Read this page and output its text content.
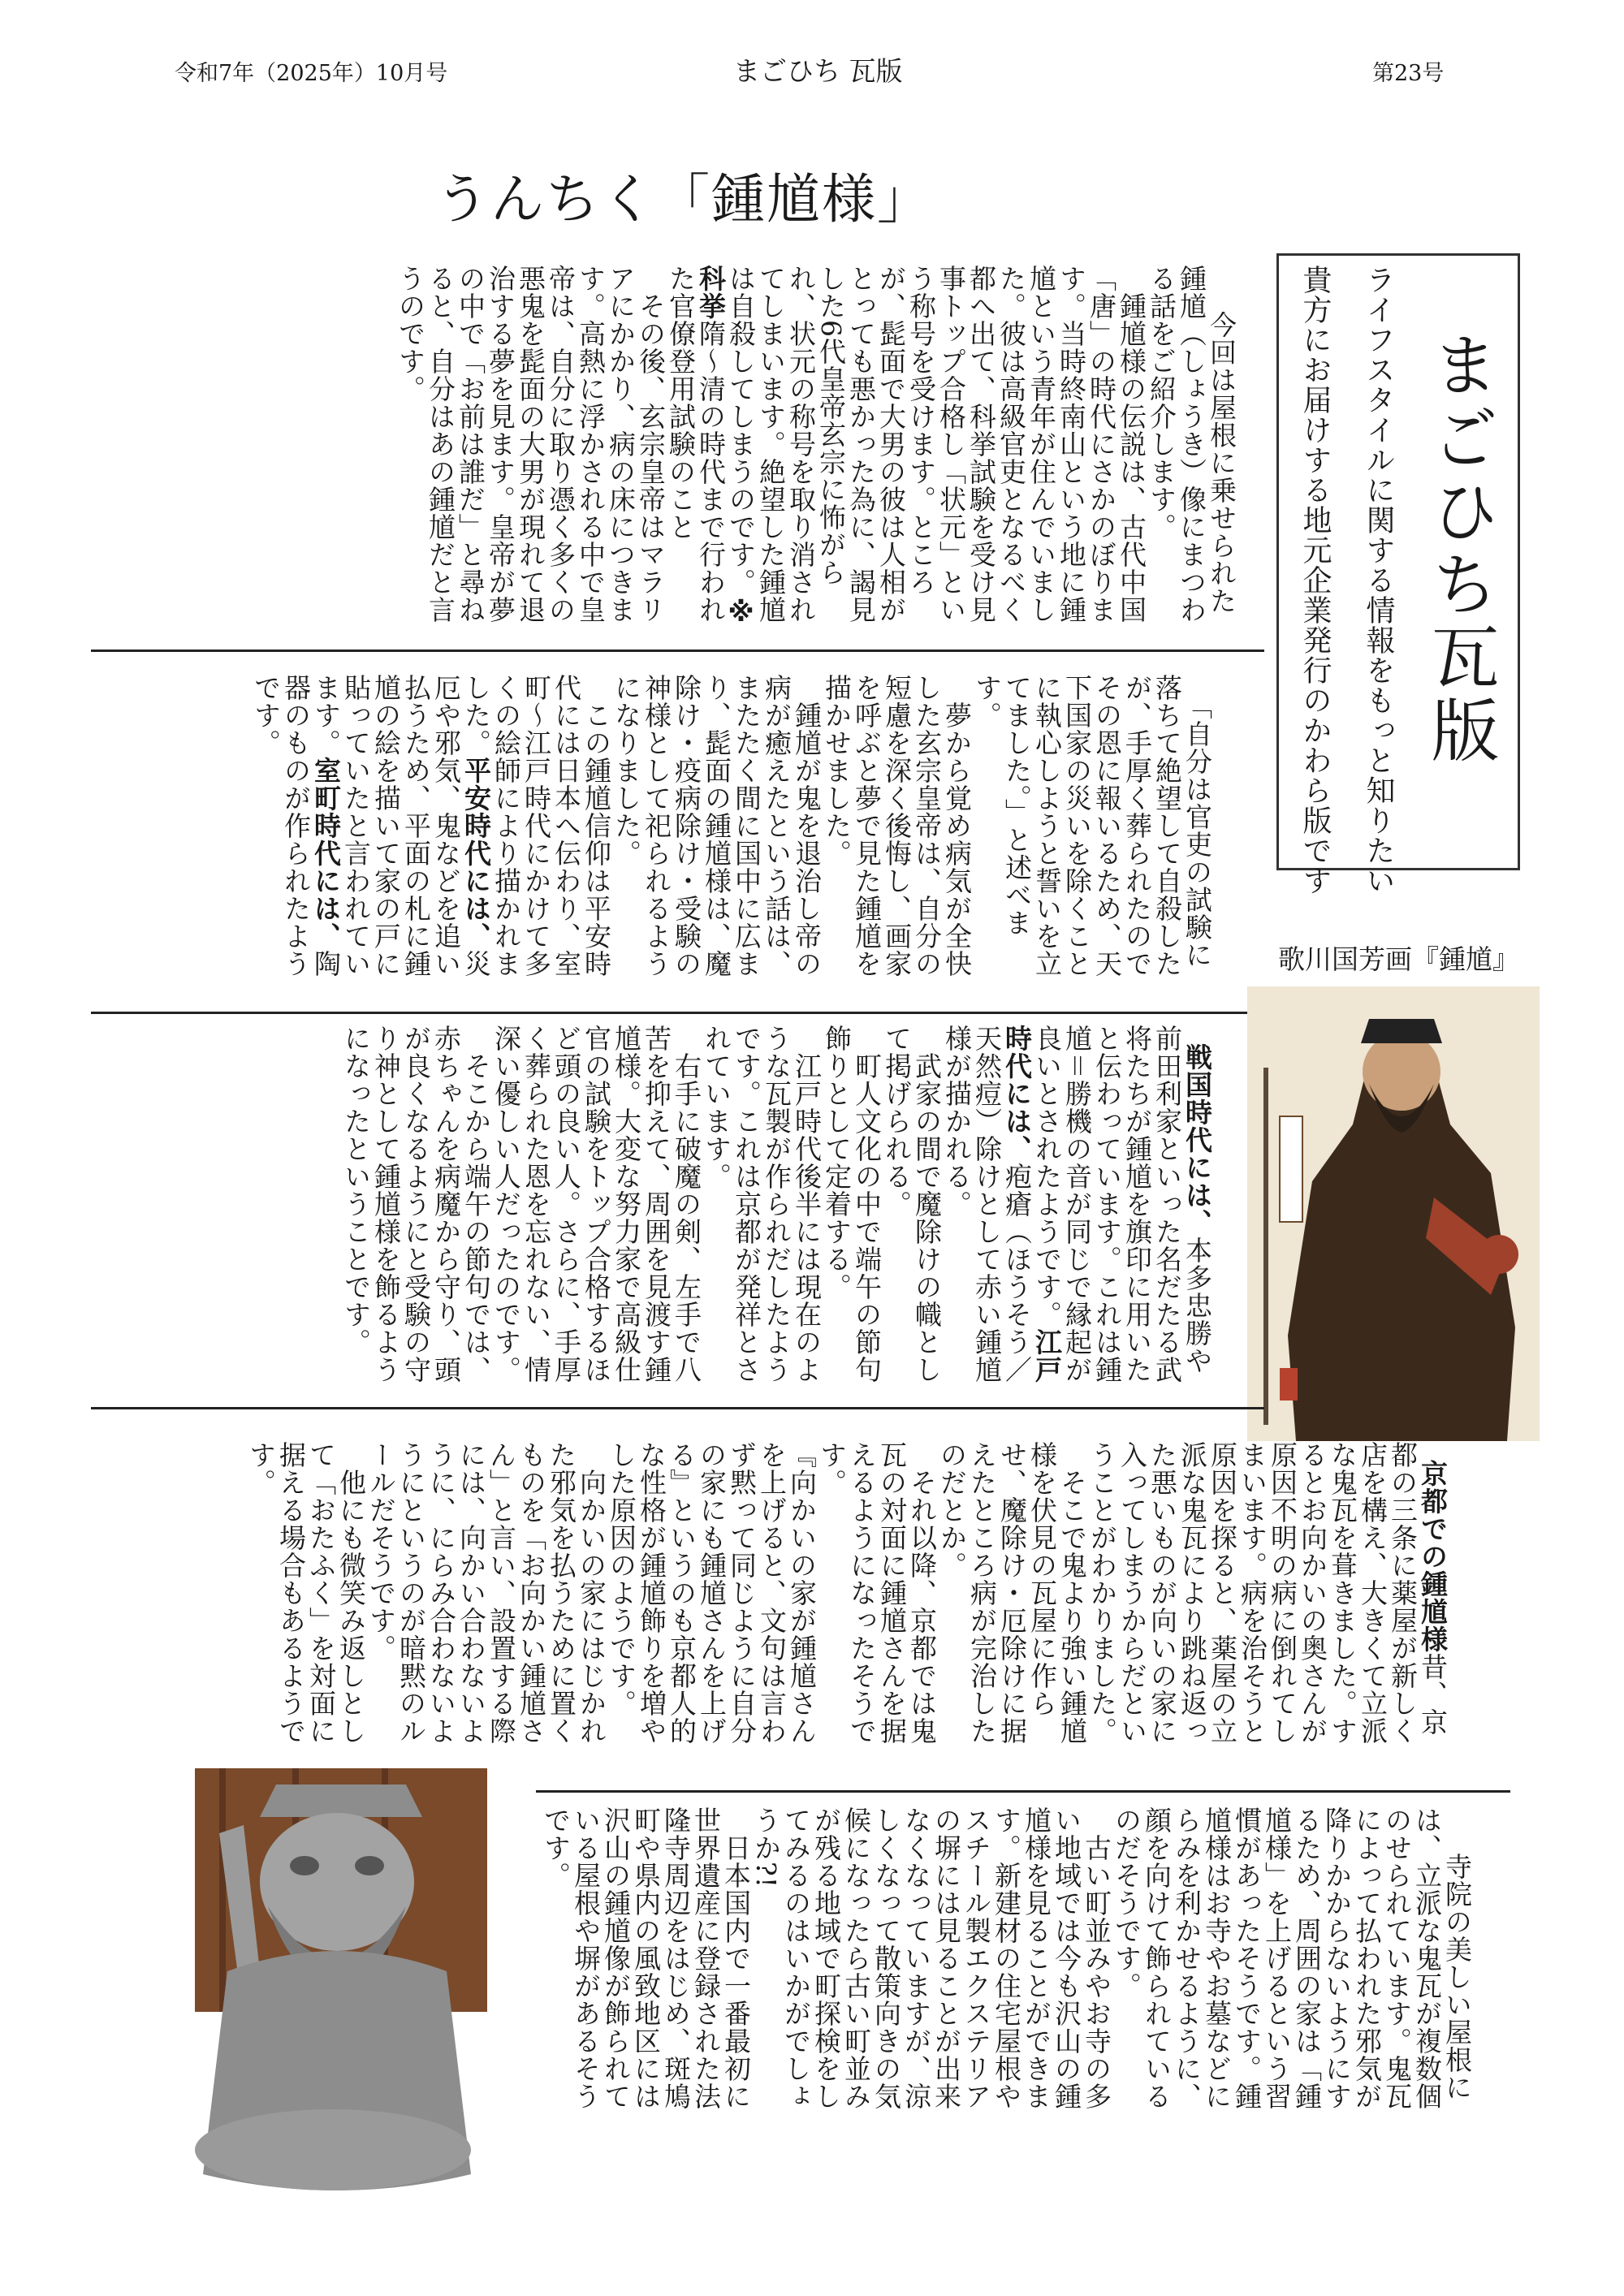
令和7年（2025年）10月号	まごひち 瓦版	第23号
うんちく「鍾馗様」
まごひち瓦版
ライフスタイルに関する情報をもっと知りたい
貴方にお届けする地元企業発行のかわら版です

　今回は屋根に乗せられた鍾馗（しょうき）像にまつわる話をご紹介します。
　鍾馗様の伝説は、古代中国「唐」の時代にさかのぼります。当時終南山という地に鍾馗という青年が住んでいました。彼は高級官吏となるべく都へ出て、科挙試験を受け見事トップ合格し「状元」という称号を受けます。ところが、髭面で大男の彼は人相がとっても悪かった為に、謁見した6代皇帝玄宗に怖がられ、状元の称号を取り消されてしまいます。絶望した鍾馗は自殺してしまうのです。※科挙隋～清の時代まで行われた官僚登用試験のこと
　その後、玄宗皇帝はマラリアにかかり、病の床につきます。高熱に浮かされる中で皇帝は、自分に取り憑く多くの悪鬼を髭面の大男が現れて退治する夢を見ます。皇帝が夢の中で「お前は誰だ」と尋ねると、自分はあの鍾馗だと言うのです。

「自分は官吏の試験に落ちて絶望して自殺したが、手厚く葬られたのでその恩に報いるため、天下国家の災いを除くことに執心しようと誓いを立てました。」と述べます。
　夢から覚め病気が全快した玄宗皇帝は、自分の短慮を深く後悔し、画家を呼ぶと夢で見た鍾馗を描かせました。
　鍾馗が鬼を退治し帝の病が癒えたという話は、またたく間に国中に広まり、髭面の鍾馗様は、魔除け・疫病除け・受験の神様として祀られるようになりました。
　この鍾馗信仰は平安時代には日本へ伝わり、室町～江戸時代にかけて多くの絵師により描かれました。平安時代には、災厄や邪気、鬼などを追い払うため、平面の札に鍾馗の絵を描いて家の戸に貼っていたと言われています。室町時代には、陶器のものが作られたようです。

歌川国芳画『鍾馗』

戦国時代には、本多忠勝や前田利家といった名だたる武将たちが鍾馗を旗印に用いたと伝わっています。これは鍾馗＝勝機の音が同じで縁起が良いとされたようです。江戸時代には、疱瘡（ほうそう／天然痘）除けとして赤い鍾馗様が描かれる。
　武家の間で魔除けの幟として掲げられる。
　町人文化の中で端午の節句飾りとして定着する。
　江戸時代後半には現在のような瓦製が作られだしたようです。これは京都が発祥とされています。
　右手に破魔の剣、左手で八苦を抑えて、周囲を見渡す鍾馗様。大変な努力家で高級仕官の試験をトップ合格するほど頭の良い人。さらに、手厚く葬られた恩を忘れない、情深い優しい人だったのです。
　そこから端午の節句では、赤ちゃんを病魔から守り、頭が良くなるようにと受験の守り神として鍾馗様を飾るようになったということです。

京都での鍾馗様昔、京都の三条に薬屋が新しく店を構え、大きくて立派な鬼瓦を葺きました。するとお向かいの奥さんが原因不明の病に倒れてしまいます。病を治そうと原因を探ると、薬屋の立派な鬼瓦により跳ね返った悪いものが向いの家に入ってしまうからだということがわかりました。
　そこで鬼より強い鍾馗様を伏見の瓦屋に作らせ、魔除け・厄除けに据えたところ病が完治したのだとか。
　それ以降、京都では鬼瓦の対面に鍾馗さんを据えるようになったそうです。
『向かいの家が鍾馗さんを上げると、文句は言わず黙って同じように自分の家にも鍾馗さんを上げる』というのも京都人的な性格が鍾馗飾りを増やした原因のようです。
　向かいの家にはじかれた邪気を払うために置くものを「お向かい鍾馗さん」と言い、設置する際には、向かい合わないように、にらみ合わないようにというのが暗黙のルールだそうです。
　他にも微笑み返しとして「おたふく」を対面に据える場合もあるようです。

　寺院の美しい屋根には、立派な鬼瓦が複数個のせられています。鬼瓦によって払われた邪気が降りかからないようにするため、周囲の家は「鍾馗様」を上げるという習慣があったそうです。鍾馗様はお寺やお墓などにらみを利かせるように、顔を向けて飾られているのだそうです。
　古い町並みやお寺の多い地域では今も沢山の鍾馗様を見ることができます。新建材の住宅屋根やスチール製エクステリアの塀には見ることが出来なくなっていますが、涼しくなって散策向きの気候になったら古い町並みが残る地域で町探検をしてみるのはいかがでしょうか?!
　日本国内で一番最初に世界遺産に登録された法隆寺周辺をはじめ、斑鳩町や県内の風致地区には沢山の鍾馗像が飾られている屋根や塀があるそうです。
